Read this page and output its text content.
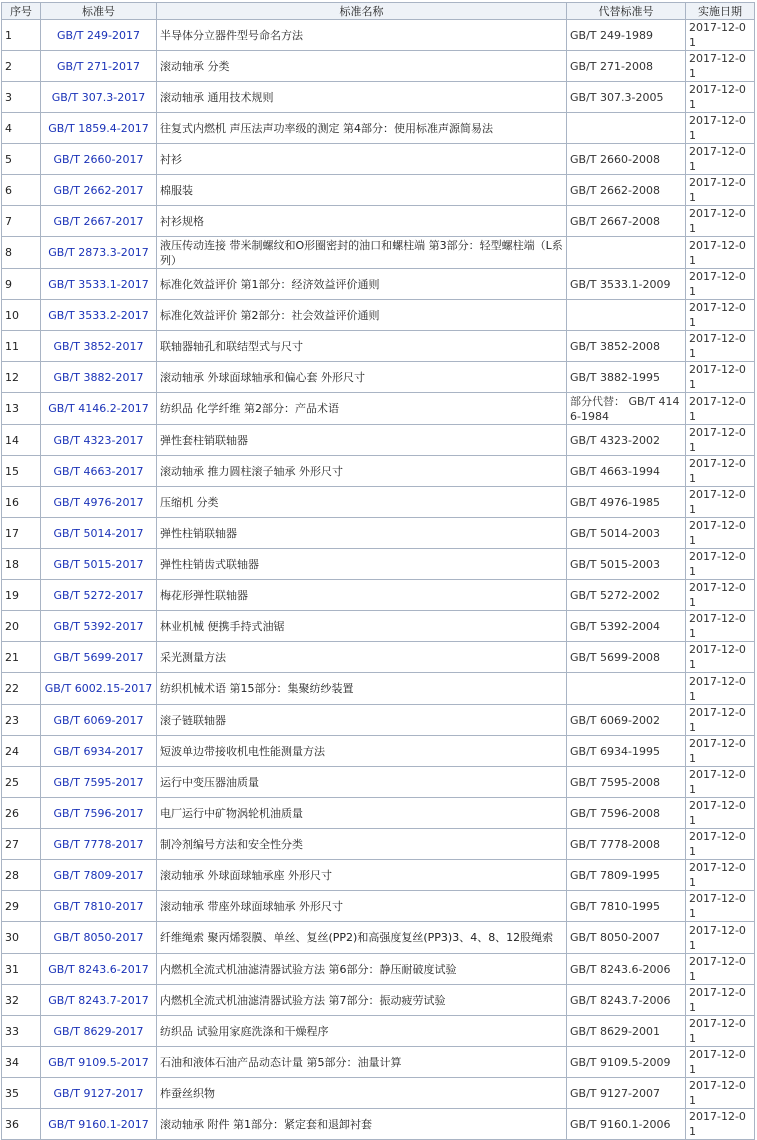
序号	标准号	标准名称	代替标准号	实施日期
1	GB/T 249-2017	半导体分立器件型号命名方法	GB/T 249-1989	2017-12-01
2	GB/T 271-2017	滚动轴承 分类	GB/T 271-2008	2017-12-01
3	GB/T 307.3-2017	滚动轴承 通用技术规则	GB/T 307.3-2005	2017-12-01
4	GB/T 1859.4-2017	往复式内燃机 声压法声功率级的测定 第4部分：使用标准声源简易法		2017-12-01
5	GB/T 2660-2017	衬衫	GB/T 2660-2008	2017-12-01
6	GB/T 2662-2017	棉服装	GB/T 2662-2008	2017-12-01
7	GB/T 2667-2017	衬衫规格	GB/T 2667-2008	2017-12-01
8	GB/T 2873.3-2017	液压传动连接 带米制螺纹和O形圈密封的油口和螺柱端 第3部分：轻型螺柱端（L系列）		2017-12-01
9	GB/T 3533.1-2017	标准化效益评价 第1部分：经济效益评价通则	GB/T 3533.1-2009	2017-12-01
10	GB/T 3533.2-2017	标准化效益评价 第2部分：社会效益评价通则		2017-12-01
11	GB/T 3852-2017	联轴器轴孔和联结型式与尺寸	GB/T 3852-2008	2017-12-01
12	GB/T 3882-2017	滚动轴承 外球面球轴承和偏心套 外形尺寸	GB/T 3882-1995	2017-12-01
13	GB/T 4146.2-2017	纺织品 化学纤维 第2部分：产品术语	部分代替： GB/T 4146-1984	2017-12-01
14	GB/T 4323-2017	弹性套柱销联轴器	GB/T 4323-2002	2017-12-01
15	GB/T 4663-2017	滚动轴承 推力圆柱滚子轴承 外形尺寸	GB/T 4663-1994	2017-12-01
16	GB/T 4976-2017	压缩机 分类	GB/T 4976-1985	2017-12-01
17	GB/T 5014-2017	弹性柱销联轴器	GB/T 5014-2003	2017-12-01
18	GB/T 5015-2017	弹性柱销齿式联轴器	GB/T 5015-2003	2017-12-01
19	GB/T 5272-2017	梅花形弹性联轴器	GB/T 5272-2002	2017-12-01
20	GB/T 5392-2017	林业机械 便携手持式油锯	GB/T 5392-2004	2017-12-01
21	GB/T 5699-2017	采光测量方法	GB/T 5699-2008	2017-12-01
22	GB/T 6002.15-2017	纺织机械术语 第15部分：集聚纺纱装置		2017-12-01
23	GB/T 6069-2017	滚子链联轴器	GB/T 6069-2002	2017-12-01
24	GB/T 6934-2017	短波单边带接收机电性能测量方法	GB/T 6934-1995	2017-12-01
25	GB/T 7595-2017	运行中变压器油质量	GB/T 7595-2008	2017-12-01
26	GB/T 7596-2017	电厂运行中矿物涡轮机油质量	GB/T 7596-2008	2017-12-01
27	GB/T 7778-2017	制冷剂编号方法和安全性分类	GB/T 7778-2008	2017-12-01
28	GB/T 7809-2017	滚动轴承 外球面球轴承座 外形尺寸	GB/T 7809-1995	2017-12-01
29	GB/T 7810-2017	滚动轴承 带座外球面球轴承 外形尺寸	GB/T 7810-1995	2017-12-01
30	GB/T 8050-2017	纤维绳索 聚丙烯裂膜、单丝、复丝(PP2)和高强度复丝(PP3)3、4、8、12股绳索	GB/T 8050-2007	2017-12-01
31	GB/T 8243.6-2017	内燃机全流式机油滤清器试验方法 第6部分：静压耐破度试验	GB/T 8243.6-2006	2017-12-01
32	GB/T 8243.7-2017	内燃机全流式机油滤清器试验方法 第7部分：振动疲劳试验	GB/T 8243.7-2006	2017-12-01
33	GB/T 8629-2017	纺织品 试验用家庭洗涤和干燥程序	GB/T 8629-2001	2017-12-01
34	GB/T 9109.5-2017	石油和液体石油产品动态计量 第5部分：油量计算	GB/T 9109.5-2009	2017-12-01
35	GB/T 9127-2017	柞蚕丝织物	GB/T 9127-2007	2017-12-01
36	GB/T 9160.1-2017	滚动轴承 附件 第1部分：紧定套和退卸衬套	GB/T 9160.1-2006	2017-12-01
